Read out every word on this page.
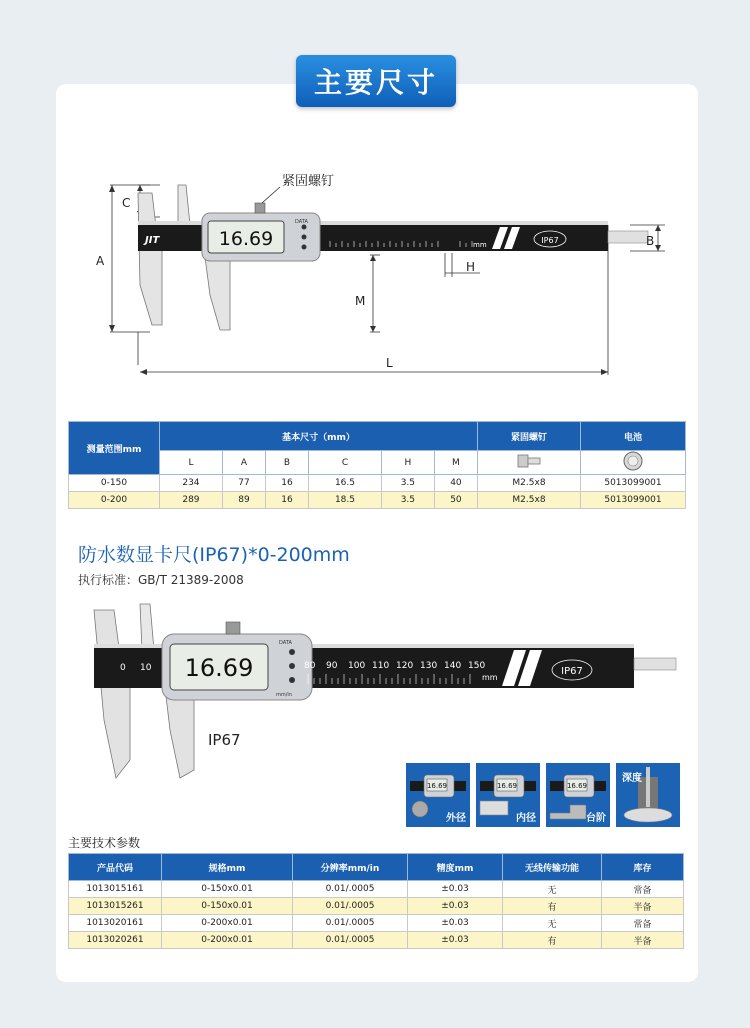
主要尺寸
16.69
DATA
JIT	mm	IP67
紧固螺钉
A
C
M
H
B
L
测量范围mm	基本尺寸（mm）						紧固螺钉	电池
	L	A	B	C	H	M		
0-150	234	77	16	16.5	3.5	40	M2.5x8	5013099001
0-200	289	89	16	18.5	3.5	50	M2.5x8	5013099001
防水数显卡尺(IP67)*0-200mm
执行标准：GB/T 21389-2008
16.69
DATA
mm/in
0 10	80 90 100 110 120 130 140 150
mm
IP67
IP67
16.69
外径
16.69
内径
16.69
台阶
深度
主要技术参数
产品代码	规格mm	分辨率mm/in	精度mm	无线传输功能	库存
1013015161	0-150x0.01	0.01/.0005	±0.03	无	常备
1013015261	0-150x0.01	0.01/.0005	±0.03	有	半备
1013020161	0-200x0.01	0.01/.0005	±0.03	无	常备
1013020261	0-200x0.01	0.01/.0005	±0.03	有	半备
